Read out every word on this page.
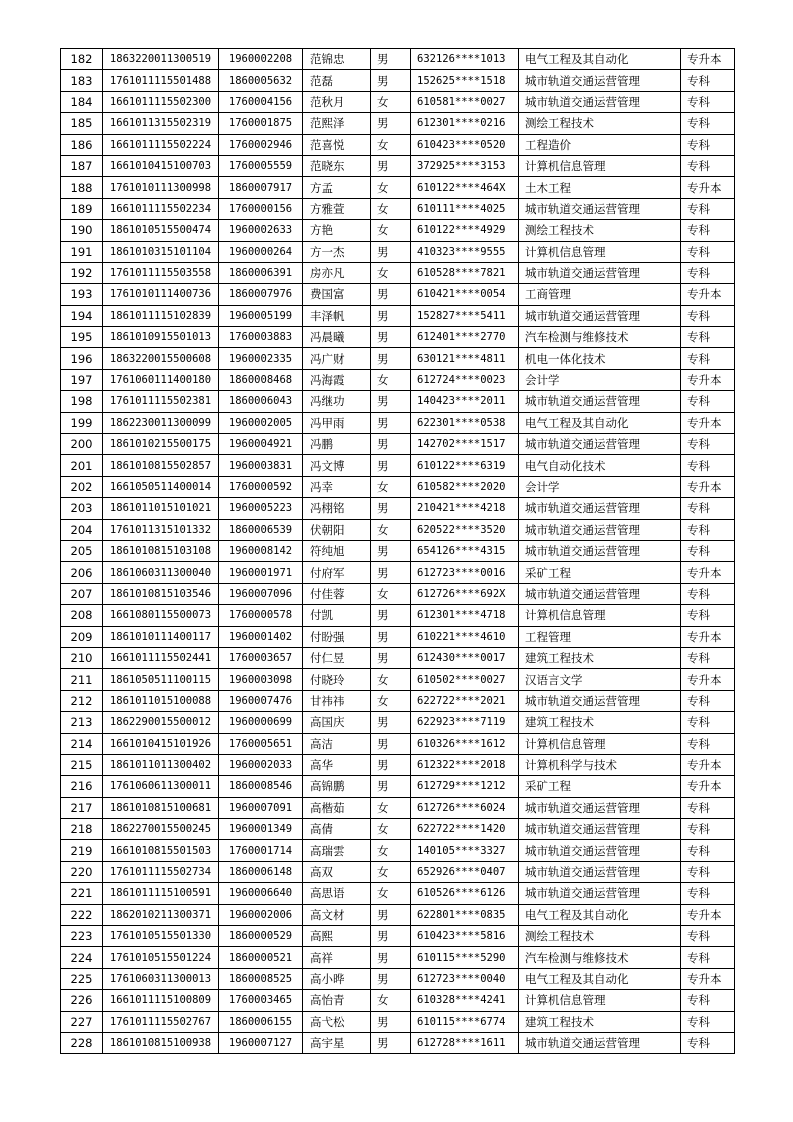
182	1863220011300519	1960002208	范锦忠	男	632126****1013	电气工程及其自动化	专升本
183	1761011115501488	1860005632	范磊	男	152625****1518	城市轨道交通运营管理	专科
184	1661011115502300	1760004156	范秋月	女	610581****0027	城市轨道交通运营管理	专科
185	1661011315502319	1760001875	范熙泽	男	612301****0216	测绘工程技术	专科
186	1661011115502224	1760002946	范喜悦	女	610423****0520	工程造价	专科
187	1661010415100703	1760005559	范晓东	男	372925****3153	计算机信息管理	专科
188	1761010111300998	1860007917	方孟	女	610122****464X	土木工程	专升本
189	1661011115502234	1760000156	方雅萱	女	610111****4025	城市轨道交通运营管理	专科
190	1861010515500474	1960002633	方艳	女	610122****4929	测绘工程技术	专科
191	1861010315101104	1960000264	方一杰	男	410323****9555	计算机信息管理	专科
192	1761011115503558	1860006391	房亦凡	女	610528****7821	城市轨道交通运营管理	专科
193	1761010111400736	1860007976	费国富	男	610421****0054	工商管理	专升本
194	1861011115102839	1960005199	丰泽帆	男	152827****5411	城市轨道交通运营管理	专科
195	1861010915501013	1760003883	冯晨曦	男	612401****2770	汽车检测与维修技术	专科
196	1863220015500608	1960002335	冯广财	男	630121****4811	机电一体化技术	专科
197	1761060111400180	1860008468	冯海霞	女	612724****0023	会计学	专升本
198	1761011115502381	1860006043	冯继功	男	140423****2011	城市轨道交通运营管理	专科
199	1862230011300099	1960002005	冯甲雨	男	622301****0538	电气工程及其自动化	专升本
200	1861010215500175	1960004921	冯鹏	男	142702****1517	城市轨道交通运营管理	专科
201	1861010815502857	1960003831	冯文博	男	610122****6319	电气自动化技术	专科
202	1661050511400014	1760000592	冯幸	女	610582****2020	会计学	专升本
203	1861011015101021	1960005223	冯栩铭	男	210421****4218	城市轨道交通运营管理	专科
204	1761011315101332	1860006539	伏朝阳	女	620522****3520	城市轨道交通运营管理	专科
205	1861010815103108	1960008142	符纯旭	男	654126****4315	城市轨道交通运营管理	专科
206	1861060311300040	1960001971	付府军	男	612723****0016	采矿工程	专升本
207	1861010815103546	1960007096	付佳蓉	女	612726****692X	城市轨道交通运营管理	专科
208	1661080115500073	1760000578	付凯	男	612301****4718	计算机信息管理	专科
209	1861010111400117	1960001402	付盼强	男	610221****4610	工程管理	专升本
210	1661011115502441	1760003657	付仁昱	男	612430****0017	建筑工程技术	专科
211	1861050511100115	1960003098	付晓玲	女	610502****0027	汉语言文学	专升本
212	1861011015100088	1960007476	甘祎祎	女	622722****2021	城市轨道交通运营管理	专科
213	1862290015500012	1960000699	高国庆	男	622923****7119	建筑工程技术	专科
214	1661010415101926	1760005651	高洁	男	610326****1612	计算机信息管理	专科
215	1861011011300402	1960002033	高华	男	612322****2018	计算机科学与技术	专升本
216	1761060611300011	1860008546	高锦鹏	男	612729****1212	采矿工程	专升本
217	1861010815100681	1960007091	高楷茹	女	612726****6024	城市轨道交通运营管理	专科
218	1862270015500245	1960001349	高倩	女	622722****1420	城市轨道交通运营管理	专科
219	1661010815501503	1760001714	高瑞雲	女	140105****3327	城市轨道交通运营管理	专科
220	1761011115502734	1860006148	高双	女	652926****0407	城市轨道交通运营管理	专科
221	1861011115100591	1960006640	高思语	女	610526****6126	城市轨道交通运营管理	专科
222	1862010211300371	1960002006	高文材	男	622801****0835	电气工程及其自动化	专升本
223	1761010515501330	1860000529	高熙	男	610423****5816	测绘工程技术	专科
224	1761010515501224	1860000521	高祥	男	610115****5290	汽车检测与维修技术	专科
225	1761060311300013	1860008525	高小晔	男	612723****0040	电气工程及其自动化	专升本
226	1661011115100809	1760003465	高怡青	女	610328****4241	计算机信息管理	专科
227	1761011115502767	1860006155	高弋松	男	610115****6774	建筑工程技术	专科
228	1861010815100938	1960007127	高宇星	男	612728****1611	城市轨道交通运营管理	专科
